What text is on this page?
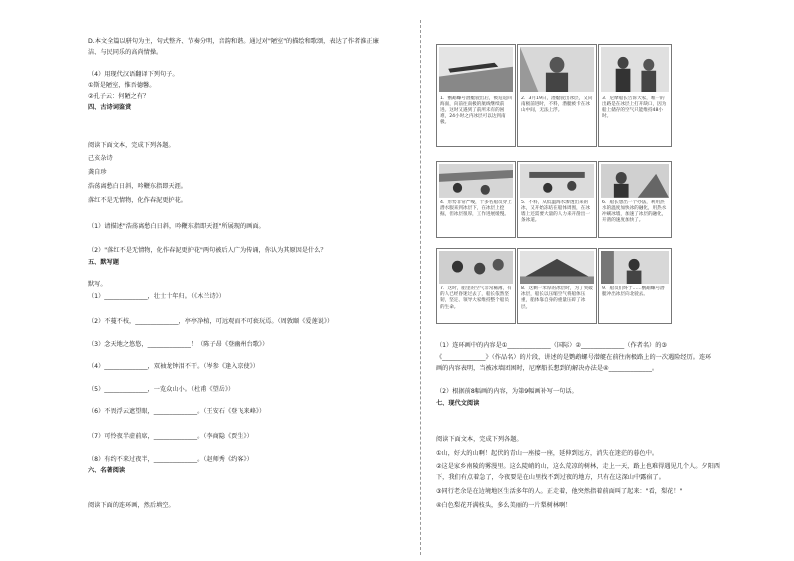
D.本文全篇以骈句为主，句式整齐、节奏分明，音韵和谐。通过对"陋室"的描绘和歌颂，表达了作者淮正廉
洁、与民同乐的高尚情操。
（4）用现代汉语翻译下列句子。
①斯是陋室，惟吾德馨。
②孔子云：何陋之有？
四、古诗词鉴赏
阅读下面文本，完成下列各题。
己亥杂诗
龚自珍
浩荡离愁白日斜，吟鞭东指即天涯。
落红不是无情物，化作春泥更护花。
（1）请描述"浩荡离愁白日斜，吟鞭东指即天涯"所展现的画面。
（2）"落红不是无情物，化作春泥更护花"两句被后人广为传诵，你认为其原因是什么？
五、默写题
默写。
（1）______________，壮士十年归。（《木兰诗》）
（2）不蔓不枝，______________，亭亭净植，可远观而不可亵玩焉。（周敦颐《爱莲说》）
（3）念天地之悠悠，______________！（陈子昂《登幽州台歌》）
（4）______________，双袖龙钟泪不干。（岑参《逢入京使》）
（5）______________，一览众山小。（杜甫《望岳》）
（6）不畏浮云遮望眼，______________。（王安石《登飞来峰》）
（7）可怜夜半虚前席，______________。（李商隐《贾生》）
（8）有约不来过夜半，______________。（赵师秀《约客》）
六、名著阅读
阅读下面的连环画，然后填空。
1．鹦鹉螺号潜艇驶出后，被迫返回海面，向前往南极的航线继续前进。这时又遇到了前所未有的困难，24小时之内冰层可以达到南极。
2．3月19日，潜艇驶出冰层，又向南极前进时，不料，潜艇被卡在冰山中间，无法上浮。
3．尼摩船长告诉大家，唯一的出路是在冰层上打开缺口，因为船上储存的空气只能维持48小时。
4．形势非常严峻，十多名船员穿上潜水服来到冰层下，在冰层上挖掘，但冰层很厚，工作进展缓慢。
5．不料，从低温海水渗透出来的冰，又开始冻结在船体周围，在冰墙上还需要大量的人力来开凿出一条冰道。
6．船长想出一个办法，利用热水的温度加快冰的融化，用热水冲刷冰墙，加速了冰层的融化，开凿的速度加快了。
7．这时，船里的空气非常稀薄，有的人已经昏迷过去了，船长依然坚韧，坚定、领导大家维持整个船员的生命。
8．这剩一米厚的冰层时，为了突破冰层，船长以压缩空气将船体压重，船体靠自身的重量压碎了冰层。
9．船员们终于……鹦鹉螺号潜艇冲出冰层向北驶去。
（1）连环画中的内容是①______________（国际）②______________（作者名）的③
《______________》（作品名）的片段，讲述的是鹦鹉螺号潜艇在前往南极路上的一次遇险经历。连环
画的内容表明，当被冰墙团困时，尼摩船长想到的解决办法是④______________。
（2）根据前8幅画的内容，为第9幅画补写一句话。
七、现代文阅读
阅读下面文本，完成下列各题。
①山，好大的山啊！起伏的青山一座接一座，延伸到远方，消失在迷茫的暮色中。
②这是家乡南陵的雾漫里。这么陡峭的山，这么荒凉的树林，走上一天，路上也难得遇见几个人。夕阳西
下，我们有点着急了，今夜要是在山里找不到过夜的地方，只有在这深山中露宿了。
③同行老余是在边境地区生活多年的人。正走着，他突然指着前面叫了起来："看，梨花！"
④白色梨花开满枝头，多么美丽的一片梨树林啊！
